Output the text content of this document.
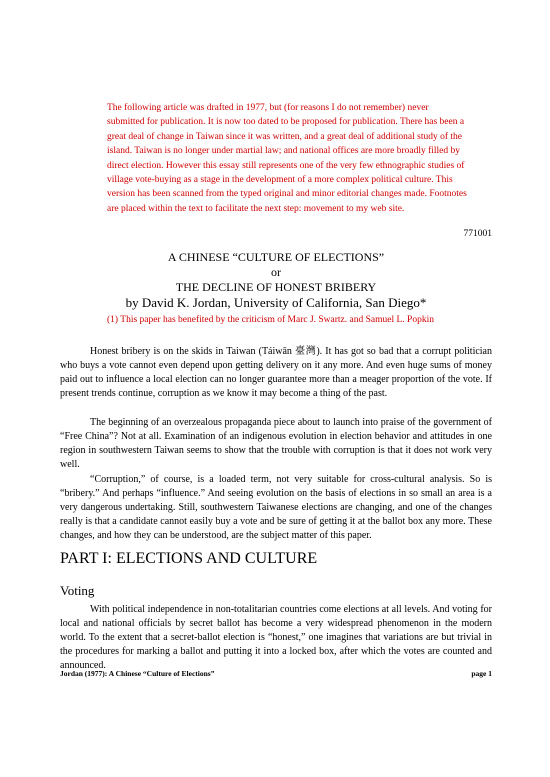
The following article was drafted in 1977, but (for reasons I do not remember) never submitted for publication. It is now too dated to be proposed for publication. There has been a great deal of change in Taiwan since it was written, and a great deal of additional study of the island. Taiwan is no longer under martial law; and national offices are more broadly filled by direct election. However this essay still represents one of the very few ethnographic studies of village vote-buying as a stage in the development of a more complex political culture. This version has been scanned from the typed original and minor editorial changes made. Footnotes are placed within the text to facilitate the next step: movement to my web site.
771001
A CHINESE “CULTURE OF ELECTIONS”
or
THE DECLINE OF HONEST BRIBERY
by David K. Jordan, University of California, San Diego*
(1) This paper has benefited by the criticism of Marc J. Swartz. and Samuel L. Popkin

Honest bribery is on the skids in Taiwan (Táiwān 臺灣). It has got so bad that a corrupt politician who buys a vote cannot even depend upon getting delivery on it any more. And even huge sums of money paid out to influence a local election can no longer guarantee more than a meager proportion of the vote. If present trends continue, corruption as we know it may become a thing of the past.

The beginning of an overzealous propaganda piece about to launch into praise of the government of “Free China”? Not at all. Examination of an indigenous evolution in election behavior and attitudes in one region in southwestern Taiwan seems to show that the trouble with corruption is that it does not work very well.

“Corruption,” of course, is a loaded term, not very suitable for cross-cultural analysis. So is “bribery.” And perhaps “influence.” And seeing evolution on the basis of elections in so small an area is a very dangerous undertaking. Still, southwestern Taiwanese elections are changing, and one of the changes really is that a candidate cannot easily buy a vote and be sure of getting it at the ballot box any more. These changes, and how they can be understood, are the subject matter of this paper.

PART I: ELECTIONS AND CULTURE
Voting

With political independence in non-totalitarian countries come elections at all levels. And voting for local and national officials by secret ballot has become a very widespread phenomenon in the modern world. To the extent that a secret-ballot election is “honest,” one imagines that variations are but trivial in the procedures for marking a ballot and putting it into a locked box, after which the votes are counted and announced.

Jordan (1977): A Chinese “Culture of Elections”	page 1
